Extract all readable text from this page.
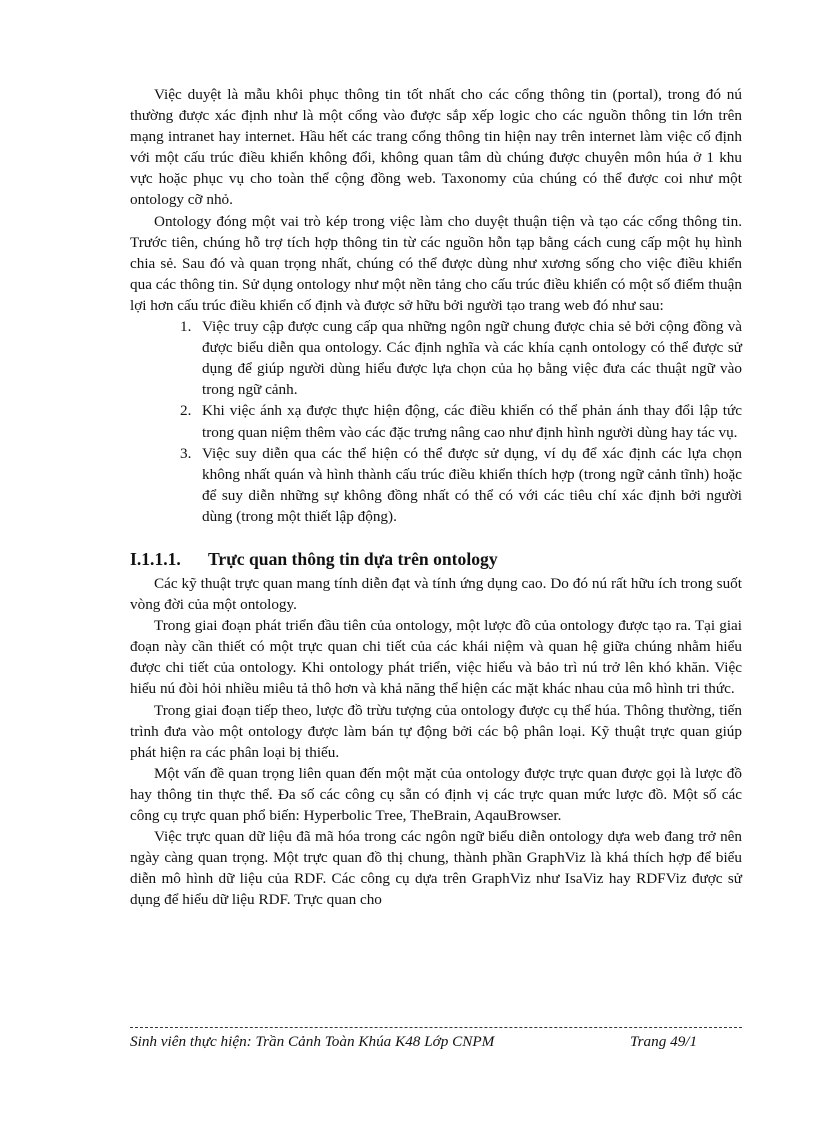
Việc duyệt là mẫu khôi phục thông tin tốt nhất cho các cổng thông tin (portal), trong đó nú thường được xác định như là một cổng vào được sắp xếp logic cho các nguồn thông tin lớn trên mạng intranet hay internet. Hầu hết các trang cổng thông tin hiện nay trên internet làm việc cố định với một cấu trúc điều khiển không đổi, không quan tâm dù chúng được chuyên môn húa ở 1 khu vực hoặc phục vụ cho toàn thể cộng đồng web. Taxonomy của chúng có thể được coi như một ontology cỡ nhỏ.

Ontology đóng một vai trò kép trong việc làm cho duyệt thuận tiện và tạo các cổng thông tin. Trước tiên, chúng hỗ trợ tích hợp thông tin từ các nguồn hỗn tạp bằng cách cung cấp một hụ hình chia sẻ. Sau đó và quan trọng nhất, chúng có thể được dùng như xương sống cho việc điều khiển qua các thông tin. Sử dụng ontology như một nền tảng cho cấu trúc điều khiển có một số điểm thuận lợi hơn cấu trúc điều khiển cố định và được sở hữu bởi người tạo trang web đó như sau:

1. Việc truy cập được cung cấp qua những ngôn ngữ chung được chia sẻ bởi cộng đồng và được biểu diễn qua ontology. Các định nghĩa và các khía cạnh ontology có thể được sử dụng để giúp người dùng hiểu được lựa chọn của họ bằng việc đưa các thuật ngữ vào trong ngữ cảnh.
2. Khi việc ánh xạ được thực hiện động, các điều khiển có thể phản ánh thay đổi lập tức trong quan niệm thêm vào các đặc trưng nâng cao như định hình người dùng hay tác vụ.
3. Việc suy diễn qua các thể hiện có thể được sử dụng, ví dụ để xác định các lựa chọn không nhất quán và hình thành cấu trúc điều khiển thích hợp (trong ngữ cảnh tĩnh) hoặc để suy diễn những sự không đồng nhất có thể có với các tiêu chí xác định bởi người dùng (trong một thiết lập động).
I.1.1.1. Trực quan thông tin dựa trên ontology

Các kỹ thuật trực quan mang tính diễn đạt và tính ứng dụng cao. Do đó nú rất hữu ích trong suốt vòng đời của một ontology.

Trong giai đoạn phát triển đầu tiên của ontology, một lược đồ của ontology được tạo ra. Tại giai đoạn này cần thiết có một trực quan chi tiết của các khái niệm và quan hệ giữa chúng nhằm hiểu được chi tiết của ontology. Khi ontology phát triển, việc hiểu và bảo trì nú trở lên khó khăn. Việc hiểu nú đòi hỏi nhiều miêu tả thô hơn và khả năng thể hiện các mặt khác nhau của mô hình tri thức.

Trong giai đoạn tiếp theo, lược đồ trừu tượng của ontology được cụ thể húa. Thông thường, tiến trình đưa vào một ontology được làm bán tự động bởi các bộ phân loại. Kỹ thuật trực quan giúp phát hiện ra các phân loại bị thiếu.

Một vấn đề quan trọng liên quan đến một mặt của ontology được trực quan được gọi là lược đồ hay thông tin thực thể. Đa số các công cụ sẵn có định vị các trực quan mức lược đồ. Một số các công cụ trực quan phổ biến: Hyperbolic Tree, TheBrain, AqauBrowser.

Việc trực quan dữ liệu đã mã hóa trong các ngôn ngữ biểu diễn ontology dựa web đang trở nên ngày càng quan trọng. Một trực quan đồ thị chung, thành phần GraphViz là khá thích hợp để biểu diễn mô hình dữ liệu của RDF. Các công cụ dựa trên GraphViz như IsaViz hay RDFViz được sử dụng để hiểu dữ liệu RDF. Trực quan cho

Sinh viên thực hiện: Trần Cảnh Toàn Khúa K48 Lớp CNPM	Trang 49/1
